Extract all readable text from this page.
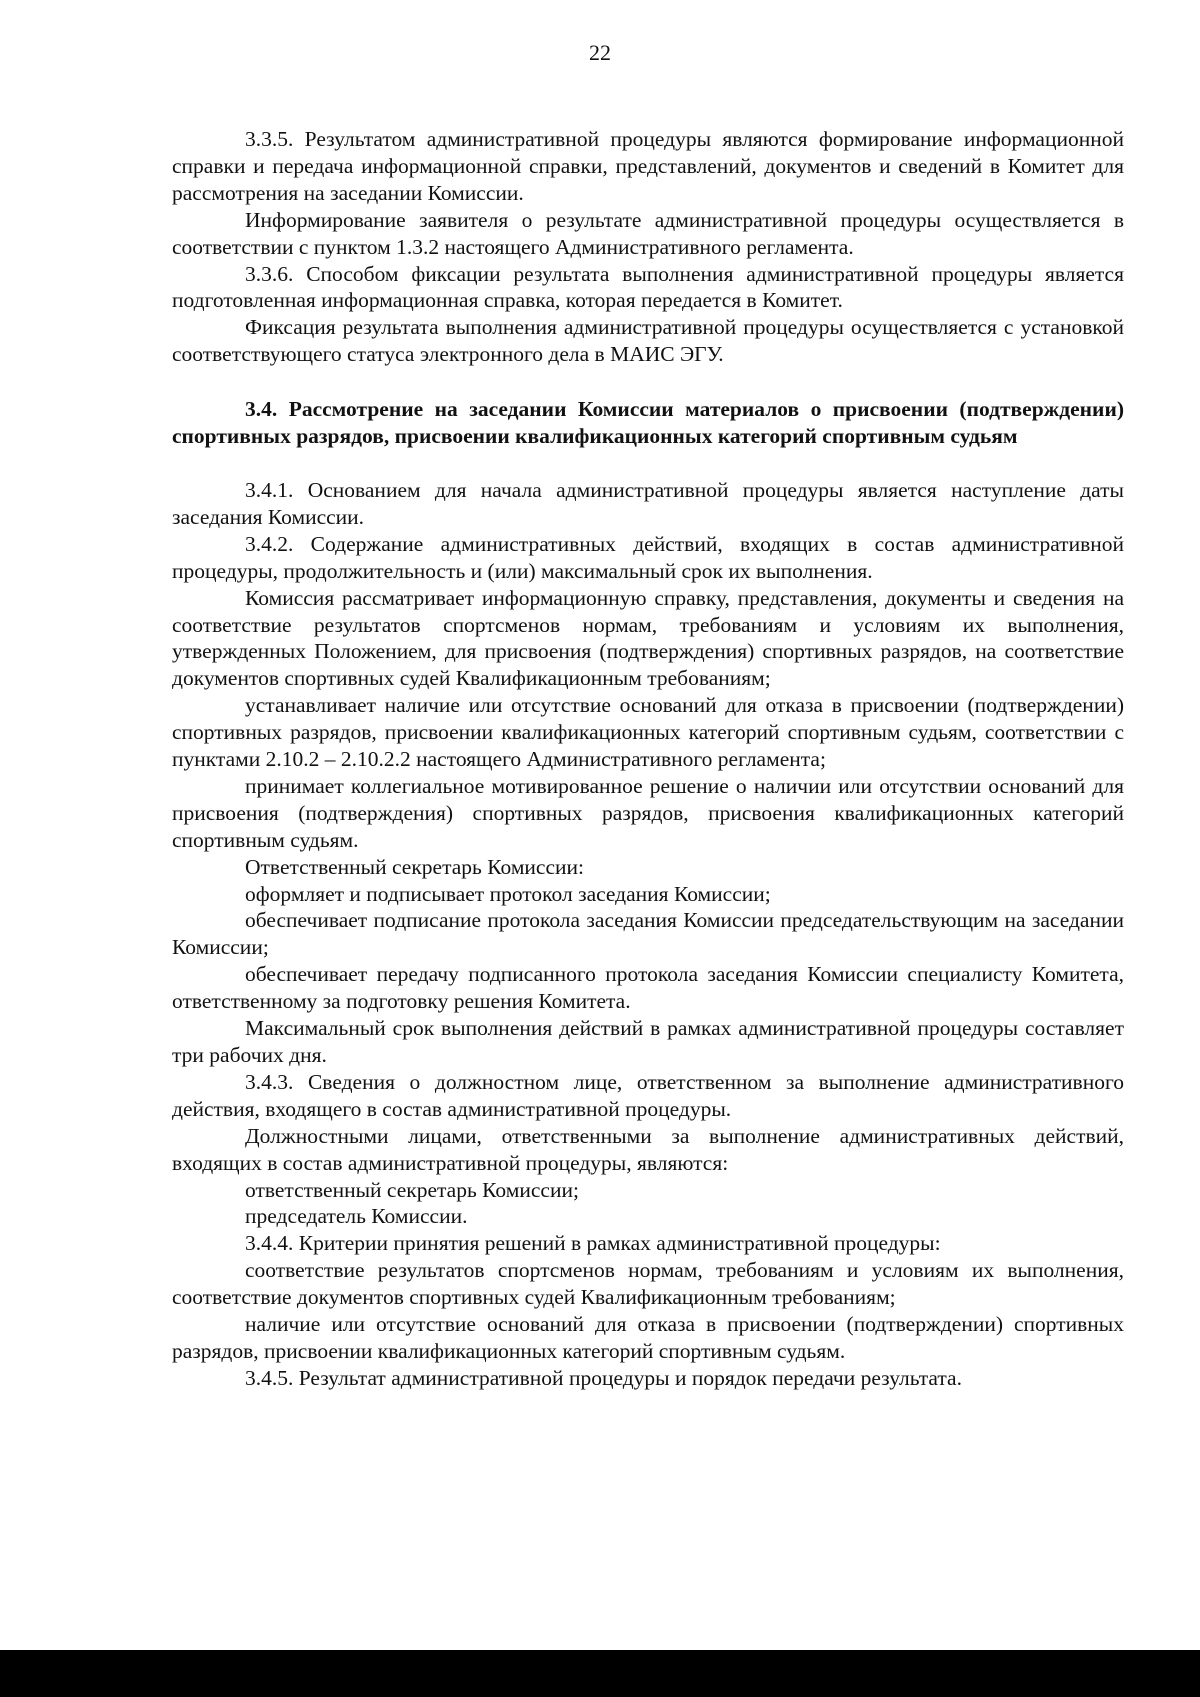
22

3.3.5. Результатом административной процедуры являются формирование информационной справки и передача информационной справки, представлений, документов и сведений в Комитет для рассмотрения на заседании Комиссии.

Информирование заявителя о результате административной процедуры осуществляется в соответствии с пунктом 1.3.2 настоящего Административного регламента.

3.3.6. Способом фиксации результата выполнения административной процедуры является подготовленная информационная справка, которая передается в Комитет.

Фиксация результата выполнения административной процедуры осуществляется с установкой соответствующего статуса электронного дела в МАИС ЭГУ.

3.4. Рассмотрение на заседании Комиссии материалов о присвоении (подтверждении) спортивных разрядов, присвоении квалификационных категорий спортивным судьям

3.4.1. Основанием для начала административной процедуры является наступление даты заседания Комиссии.

3.4.2. Содержание административных действий, входящих в состав административной процедуры, продолжительность и (или) максимальный срок их выполнения.

Комиссия рассматривает информационную справку, представления, документы и сведения на соответствие результатов спортсменов нормам, требованиям и условиям их выполнения, утвержденных Положением, для присвоения (подтверждения) спортивных разрядов, на соответствие документов спортивных судей Квалификационным требованиям;

устанавливает наличие или отсутствие оснований для отказа в присвоении (подтверждении) спортивных разрядов, присвоении квалификационных категорий спортивным судьям, соответствии с пунктами 2.10.2 – 2.10.2.2 настоящего Административного регламента;

принимает коллегиальное мотивированное решение о наличии или отсутствии оснований для присвоения (подтверждения) спортивных разрядов, присвоения квалификационных категорий спортивным судьям.

Ответственный секретарь Комиссии:

оформляет и подписывает протокол заседания Комиссии;

обеспечивает подписание протокола заседания Комиссии председательствующим на заседании Комиссии;

обеспечивает передачу подписанного протокола заседания Комиссии специалисту Комитета, ответственному за подготовку решения Комитета.

Максимальный срок выполнения действий в рамках административной процедуры составляет три рабочих дня.

3.4.3. Сведения о должностном лице, ответственном за выполнение административного действия, входящего в состав административной процедуры.

Должностными лицами, ответственными за выполнение административных действий, входящих в состав административной процедуры, являются:

ответственный секретарь Комиссии;

председатель Комиссии.

3.4.4. Критерии принятия решений в рамках административной процедуры:

соответствие результатов спортсменов нормам, требованиям и условиям их выполнения, соответствие документов спортивных судей Квалификационным требованиям;

наличие или отсутствие оснований для отказа в присвоении (подтверждении) спортивных разрядов, присвоении квалификационных категорий спортивным судьям.

3.4.5. Результат административной процедуры и порядок передачи результата.
